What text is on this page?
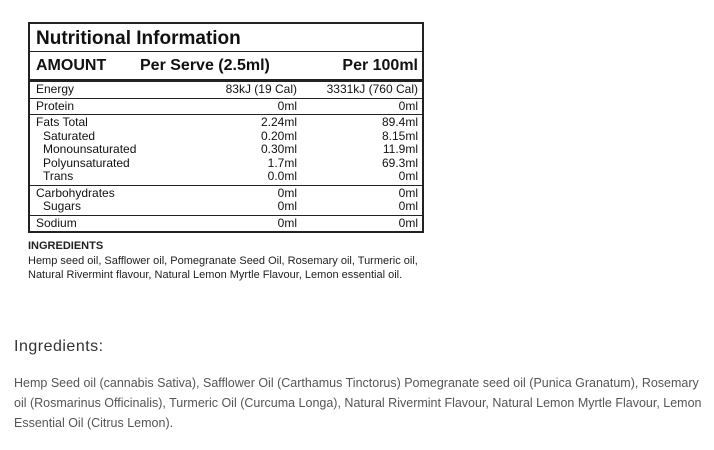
Nutritional Information
AMOUNT	Per Serve (2.5ml)	Per 100ml
Energy	83kJ (19 Cal)	3331kJ (760 Cal)
Protein	0ml	0ml
Fats Total	2.24ml	89.4ml
Saturated	0.20ml	8.15ml
Monounsaturated	0.30ml	11.9ml
Polyunsaturated	1.7ml	69.3ml
Trans	0.0ml	0ml
Carbohydrates	0ml	0ml
Sugars	0ml	0ml
Sodium	0ml	0ml
INGREDIENTS
Hemp seed oil, Safflower oil, Pomegranate Seed Oil, Rosemary oil, Turmeric oil, Natural Rivermint flavour, Natural Lemon Myrtle Flavour, Lemon essential oil.
Ingredients:
Hemp Seed oil (cannabis Sativa), Safflower Oil (Carthamus Tinctorus) Pomegranate seed oil (Punica Granatum), Rosemary oil (Rosmarinus Officinalis), Turmeric Oil (Curcuma Longa), Natural Rivermint Flavour, Natural Lemon Myrtle Flavour, Lemon Essential Oil (Citrus Lemon).
